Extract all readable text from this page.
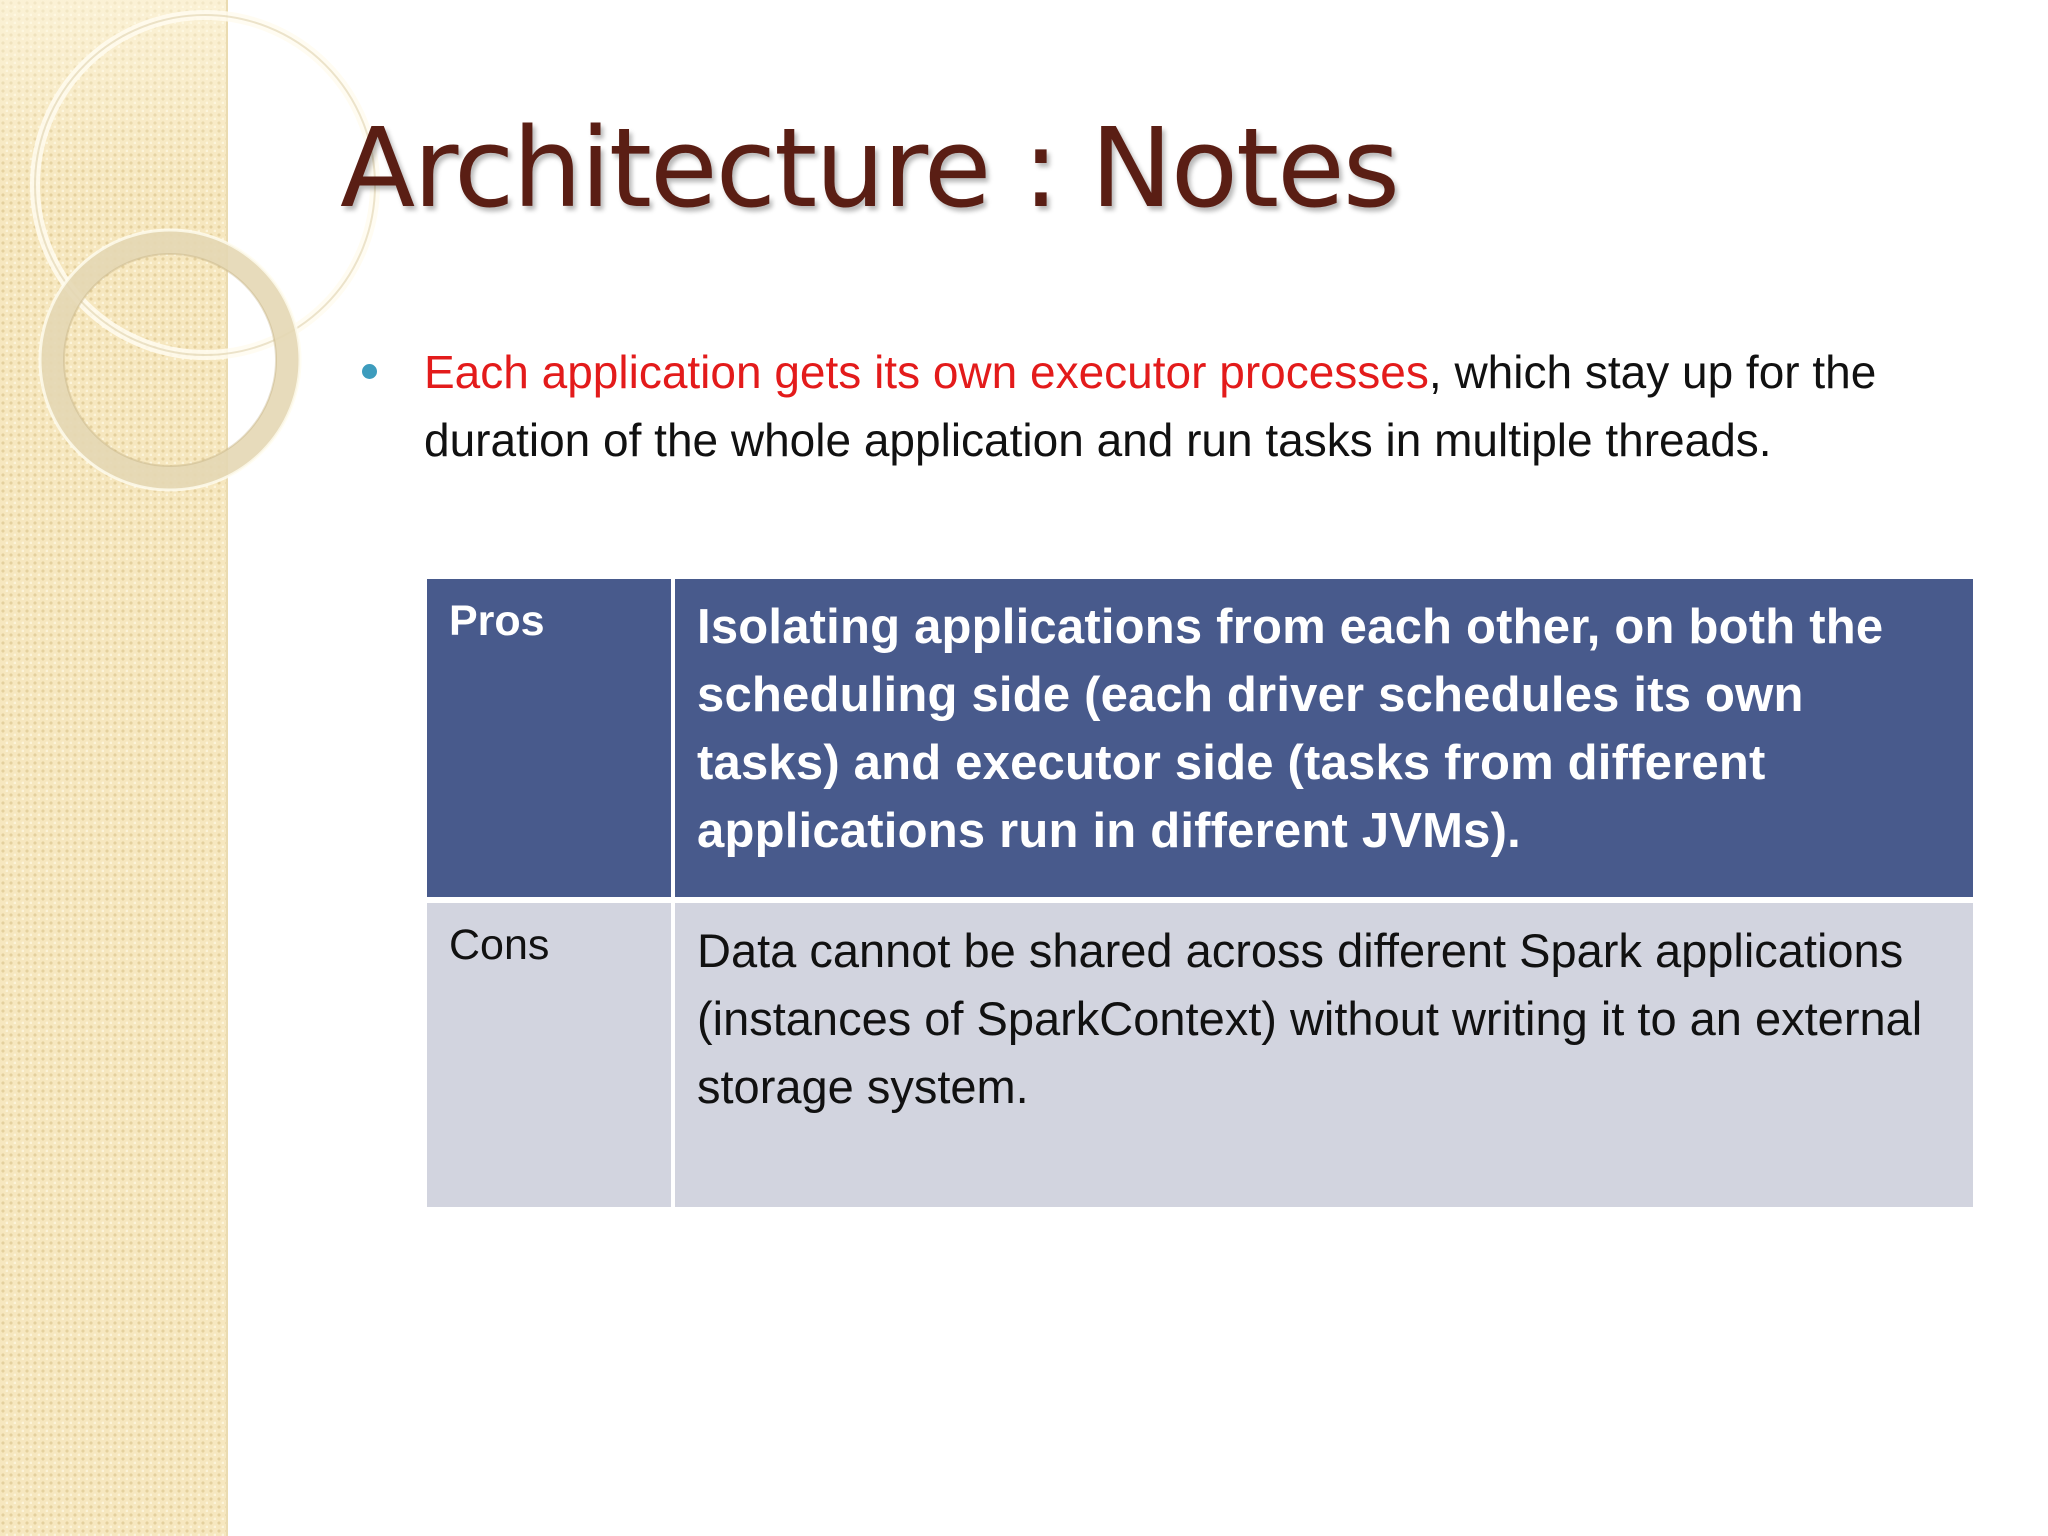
Architecture : Notes

Each application gets its own executor processes, which stay up for the duration of the whole application and run tasks in multiple threads.

Pros	Isolating applications from each other, on both the scheduling side (each driver schedules its own tasks) and executor side (tasks from different applications run in different JVMs).
Cons	Data cannot be shared across different Spark applications (instances of SparkContext) without writing it to an external storage system.
